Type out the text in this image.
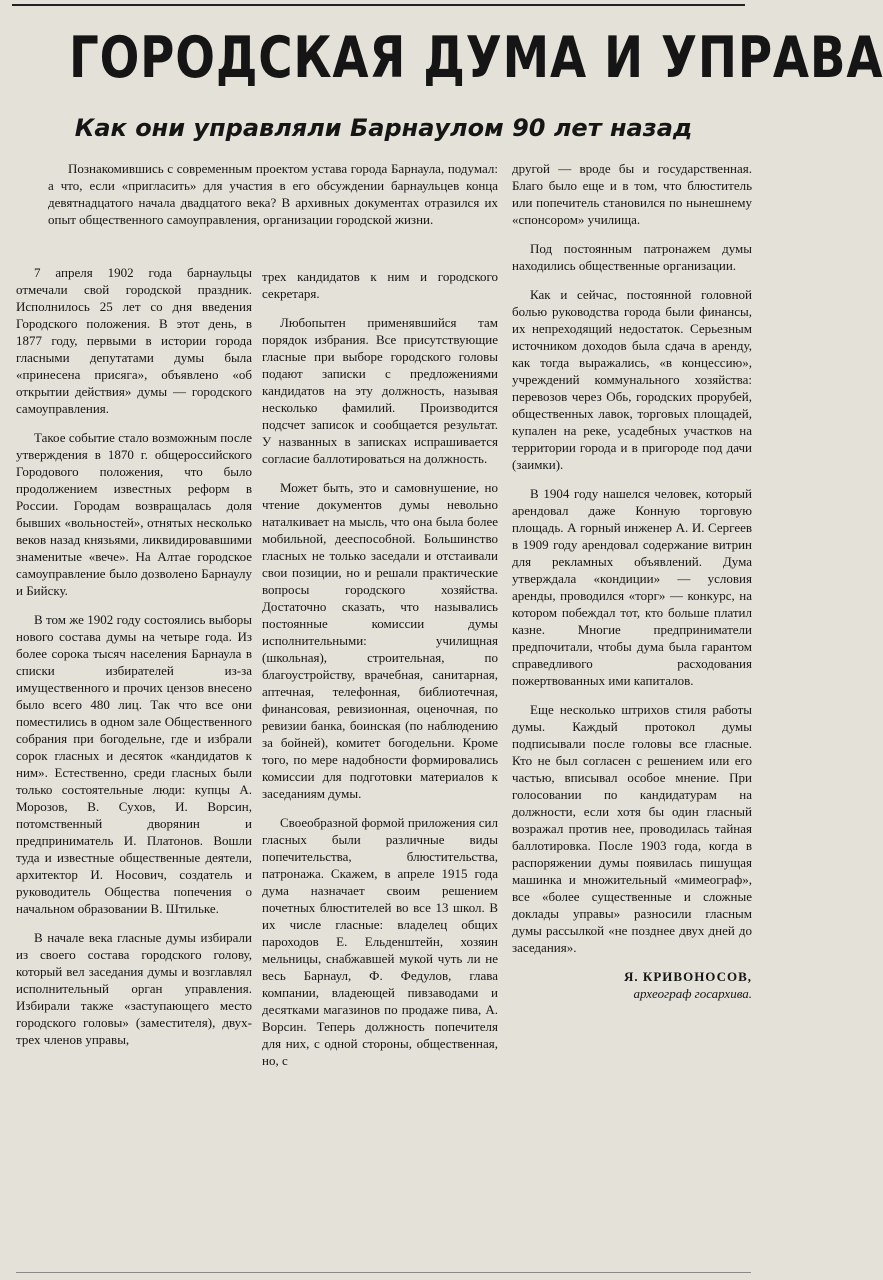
ГОРОДСКАЯ ДУМА И УПРАВА
Как они управляли Барнаулом 90 лет назад

Познакомившись с современным проектом устава города Барнаула, подумал: а что, если «пригласить» для участия в его обсуждении барнаульцев конца девятнадцатого начала двадцатого века? В архивных документах отразился их опыт общественного самоуправления, организации городской жизни.

7 апреля 1902 года барнаульцы отмечали свой городской праздник. Исполнилось 25 лет со дня введения Городского положения. В этот день, в 1877 году, первыми в истории города гласными депутатами думы была «принесена присяга», объявлено «об открытии действия» думы — городского самоуправления.

Такое событие стало возможным после утверждения в 1870 г. общероссийского Городового положения, что было продолжением известных реформ в России. Городам возвращалась доля бывших «вольностей», отнятых несколько веков назад князьями, ликвидировавшими знаменитые «вече». На Алтае городское самоуправление было дозволено Барнаулу и Бийску.

В том же 1902 году состоялись выборы нового состава думы на четыре года. Из более сорока тысяч населения Барнаула в списки избирателей из-за имущественного и прочих цензов внесено было всего 480 лиц. Так что все они поместились в одном зале Общественного собрания при богодельне, где и избрали сорок гласных и десяток «кандидатов к ним». Естественно, среди гласных были только состоятельные люди: купцы А. Морозов, В. Сухов, И. Ворсин, потомственный дворянин и предприниматель И. Платонов. Вошли туда и известные общественные деятели, архитектор И. Носович, создатель и руководитель Общества попечения о начальном образовании В. Штильке.

В начале века гласные думы избирали из своего состава городского голову, который вел заседания думы и возглавлял исполнительный орган управления. Избирали также «заступающего место городского головы» (заместителя), двух-трех членов управы,

трех кандидатов к ним и городского секретаря.

Любопытен применявшийся там порядок избрания. Все присутствующие гласные при выборе городского головы подают записки с предложениями кандидатов на эту должность, называя несколько фамилий. Производится подсчет записок и сообщается результат. У названных в записках испрашивается согласие баллотироваться на должность.

Может быть, это и самовнушение, но чтение документов думы невольно наталкивает на мысль, что она была более мобильной, дееспособной. Большинство гласных не только заседали и отстаивали свои позиции, но и решали практические вопросы городского хозяйства. Достаточно сказать, что назывались постоянные комиссии думы исполнительными: училищная (школьная), строительная, по благоустройству, врачебная, санитарная, аптечная, телефонная, библиотечная, финансовая, ревизионная, оценочная, по ревизии банка, боинская (по наблюдению за бойней), комитет богодельни. Кроме того, по мере надобности формировались комиссии для подготовки материалов к заседаниям думы.

Своеобразной формой приложения сил гласных были различные виды попечительства, блюстительства, патронажа. Скажем, в апреле 1915 года дума назначает своим решением почетных блюстителей во все 13 школ. В их числе гласные: владелец общих пароходов Е. Ельденштейн, хозяин мельницы, снабжавшей мукой чуть ли не весь Барнаул, Ф. Федулов, глава компании, владеющей пивзаводами и десятками магазинов по продаже пива, А. Ворсин. Теперь должность попечителя для них, с одной стороны, общественная, но, с

другой — вроде бы и государственная. Благо было еще и в том, что блюститель или попечитель становился по нынешнему «спонсором» училища.

Под постоянным патронажем думы находились общественные организации.

Как и сейчас, постоянной головной болью руководства города были финансы, их непреходящий недостаток. Серьезным источником доходов была сдача в аренду, как тогда выражались, «в концессию», учреждений коммунального хозяйства: перевозов через Обь, городских прорубей, общественных лавок, торговых площадей, купален на реке, усадебных участков на территории города и в пригороде под дачи (заимки).

В 1904 году нашелся человек, который арендовал даже Конную торговую площадь. А горный инженер А. И. Сергеев в 1909 году арендовал содержание витрин для рекламных объявлений. Дума утверждала «кондиции» — условия аренды, проводился «торг» — конкурс, на котором побеждал тот, кто больше платил казне. Многие предприниматели предпочитали, чтобы дума была гарантом справедливого расходования пожертвованных ими капиталов.

Еще несколько штрихов стиля работы думы. Каждый протокол думы подписывали после головы все гласные. Кто не был согласен с решением или его частью, вписывал особое мнение. При голосовании по кандидатурам на должности, если хотя бы один гласный возражал против нее, проводилась тайная баллотировка. После 1903 года, когда в распоряжении думы появилась пишущая машинка и множительный «мимеограф», все «более существенные и сложные доклады управы» разносили гласным думы рассылкой «не позднее двух дней до заседания».

Я. КРИВОНОСОВ,
археограф госархива.
